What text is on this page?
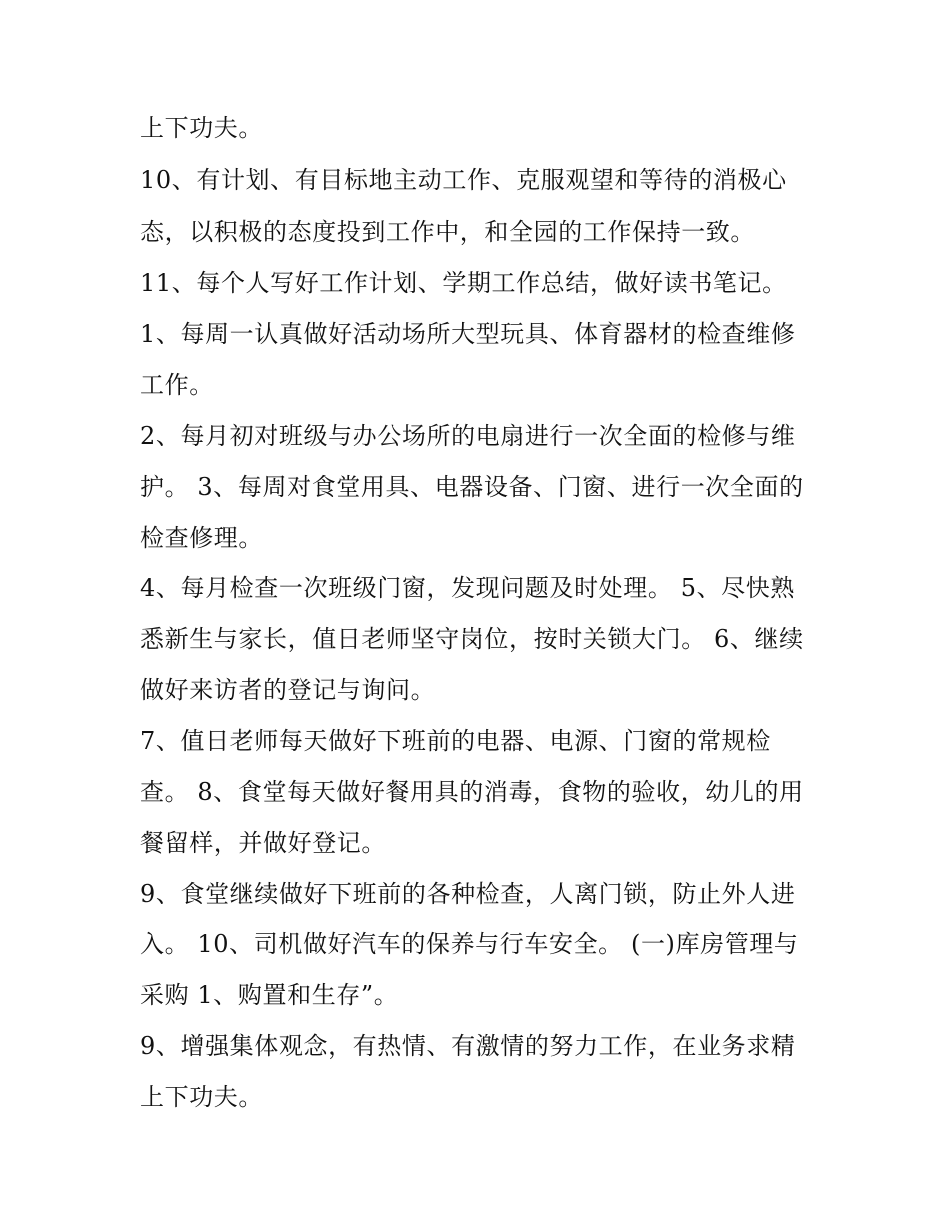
上下功夫。
10、有计划、有目标地主动工作、克服观望和等待的消极心
态，以积极的态度投到工作中，和全园的工作保持一致。
11、每个人写好工作计划、学期工作总结，做好读书笔记。
1、每周一认真做好活动场所大型玩具、体育器材的检查维修
工作。
2、每月初对班级与办公场所的电扇进行一次全面的检修与维
护。 3、每周对食堂用具、电器设备、门窗、进行一次全面的
检查修理。
4、每月检查一次班级门窗，发现问题及时处理。 5、尽快熟
悉新生与家长，值日老师坚守岗位，按时关锁大门。 6、继续
做好来访者的登记与询问。
7、值日老师每天做好下班前的电器、电源、门窗的常规检
查。 8、食堂每天做好餐用具的消毒，食物的验收，幼儿的用
餐留样，并做好登记。
9、食堂继续做好下班前的各种检查，人离门锁，防止外人进
入。 10、司机做好汽车的保养与行车安全。 (一)库房管理与
采购 1、购置和生存”。
9、增强集体观念，有热情、有激情的努力工作，在业务求精
上下功夫。
